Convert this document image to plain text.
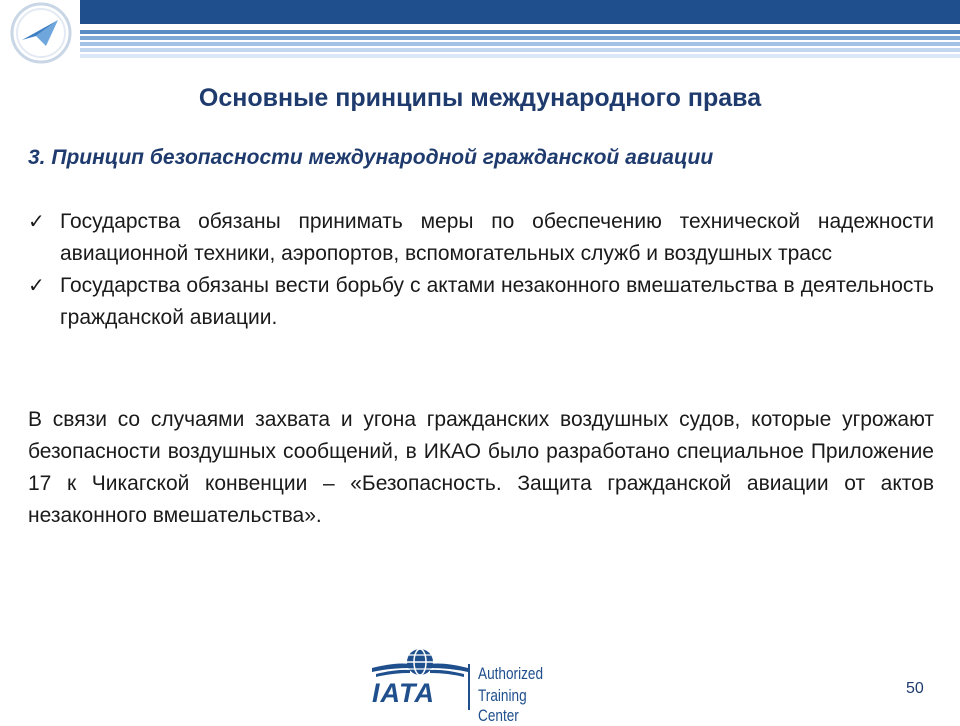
Основные принципы международного права
3. Принцип безопасности международной гражданской авиации
✓ Государства обязаны принимать меры по обеспечению технической надежности авиационной техники, аэропортов, вспомогательных служб и воздушных трасс
✓ Государства обязаны вести борьбу с актами незаконного вмешательства в деятельность гражданской авиации.
В связи со случаями захвата и угона гражданских воздушных судов, которые угрожают безопасности воздушных сообщений, в ИКАО было разработано специальное Приложение 17 к Чикагской конвенции – «Безопасность. Защита гражданской авиации от актов незаконного вмешательства».
IATA
Authorized
Training Center
50
